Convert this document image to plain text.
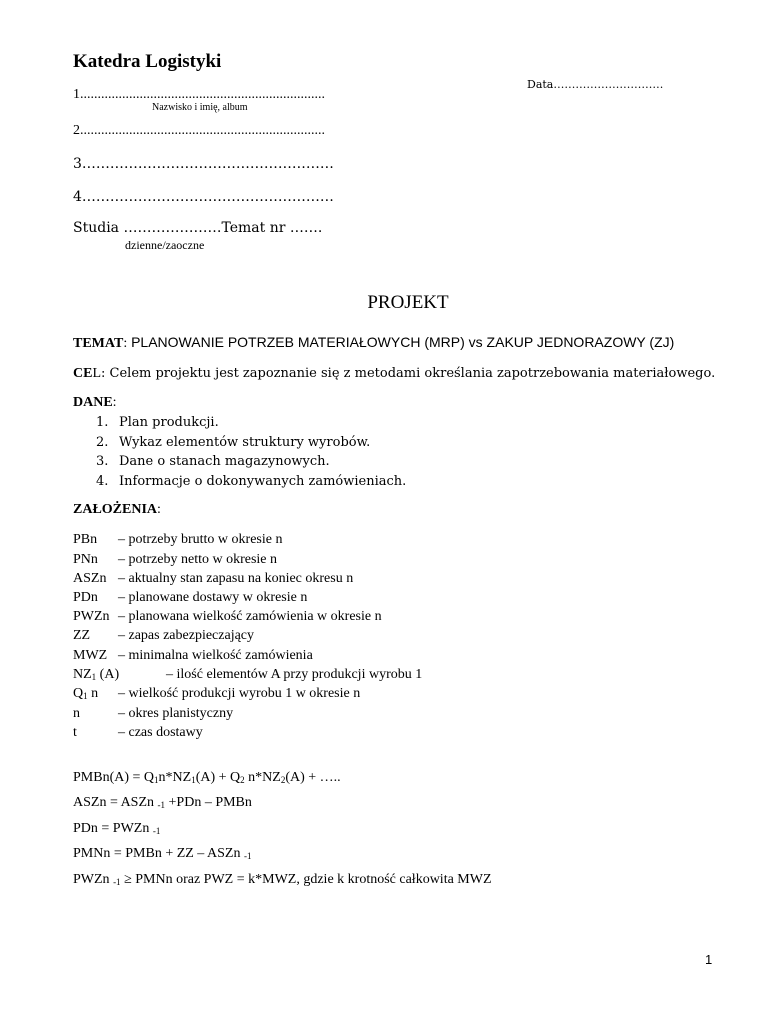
Katedra Logistyki
Data…………………………
1......................................................................
Nazwisko i imię, album
2......................................................................
3………………………………………………
4………………………………………………
Studia …………………Temat nr …….
dzienne/zaoczne
PROJEKT
TEMAT: PLANOWANIE POTRZEB MATERIAŁOWYCH (MRP) vs ZAKUP JEDNORAZOWY (ZJ)
CEL: Celem projektu jest zapoznanie się z metodami określania zapotrzebowania materiałowego.
DANE:
1. Plan produkcji.
2. Wykaz elementów struktury wyrobów.
3. Dane o stanach magazynowych.
4. Informacje o dokonywanych zamówieniach.
ZAŁOŻENIA:
PBn – potrzeby brutto w okresie n
PNn – potrzeby netto w okresie n
ASZn – aktualny stan zapasu na koniec okresu n
PDn – planowane dostawy w okresie n
PWZn – planowana wielkość zamówienia w okresie n
ZZ – zapas zabezpieczający
MWZ – minimalna wielkość zamówienia
$NZ_1$ (A)	– ilość elementów A przy produkcji wyrobu 1
$Q_1$ n – wielkość produkcji wyrobu 1 w okresie n
n	– okres planistyczny
t	– czas dostawy
PMBn(A) = $Q_1n*NZ_1(A) + Q_2$ $n*NZ_2(A)$ + …..
ASZn = ASZn $_{-1}$ +PDn – PMBn
PDn = PWZn $_{-1}$
PMNn = PMBn + ZZ – ASZn $_{-1}$
PWZn $_{-1}$ ≥ PMNn oraz PWZ = k*MWZ, gdzie k krotność całkowita MWZ
1
